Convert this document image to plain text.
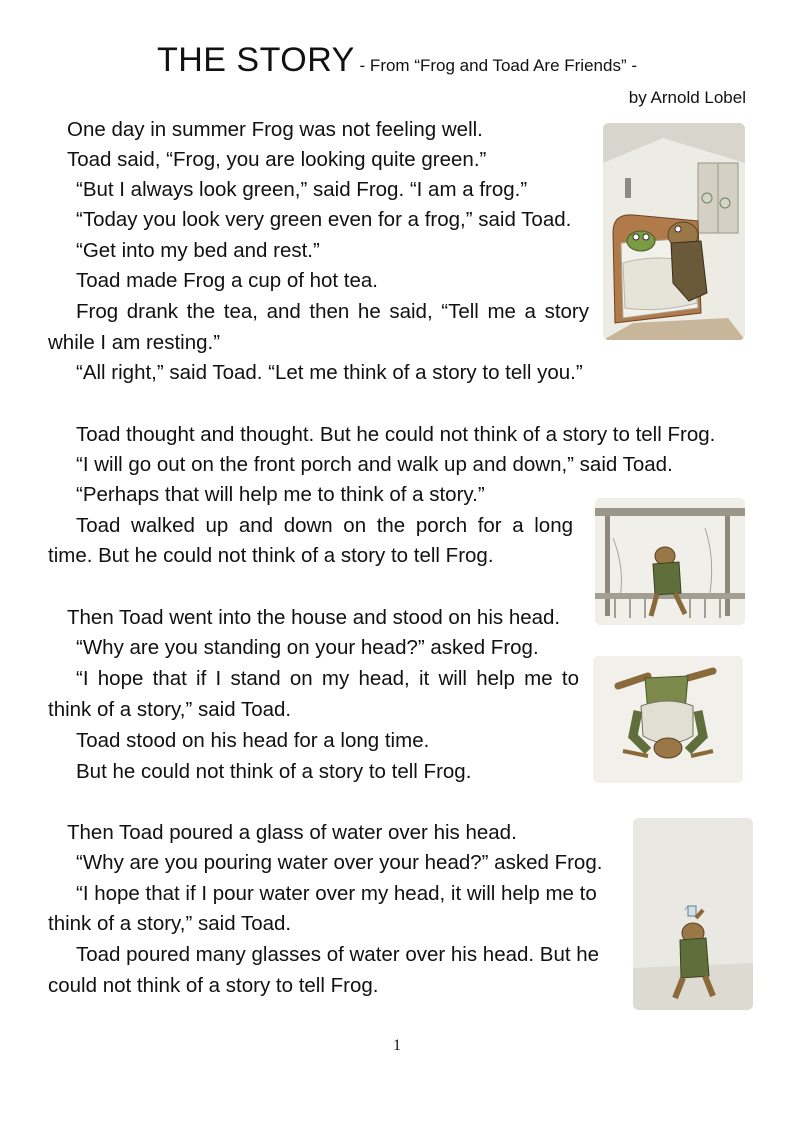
THE STORY - From “Frog and Toad Are Friends” -
by Arnold Lobel
One day in summer Frog was not feeling well.
Toad said, “Frog, you are looking quite green.”
“But I always look green,” said Frog. “I am a frog.”
“Today you look very green even for a frog,” said Toad.
“Get into my bed and rest.”
Toad made Frog a cup of hot tea.
Frog drank the tea, and then he said, “Tell me a story
while I am resting.”
“All right,” said Toad. “Let me think of a story to tell you.”
Toad thought and thought. But he could not think of a story to tell Frog.
“I will go out on the front porch and walk up and down,” said Toad.
“Perhaps that will help me to think of a story.”
Toad walked up and down on the porch for a long
time. But he could not think of a story to tell Frog.
Then Toad went into the house and stood on his head.
“Why are you standing on your head?” asked Frog.
“I hope that if I stand on my head, it will help me to
think of a story,” said Toad.
Toad stood on his head for a long time.
But he could not think of a story to tell Frog.
Then Toad poured a glass of water over his head.
“Why are you pouring water over your head?” asked Frog.
“I hope that if I pour water over my head, it will help me to
think of a story,” said Toad.
Toad poured many glasses of water over his head. But he
could not think of a story to tell Frog.
1
